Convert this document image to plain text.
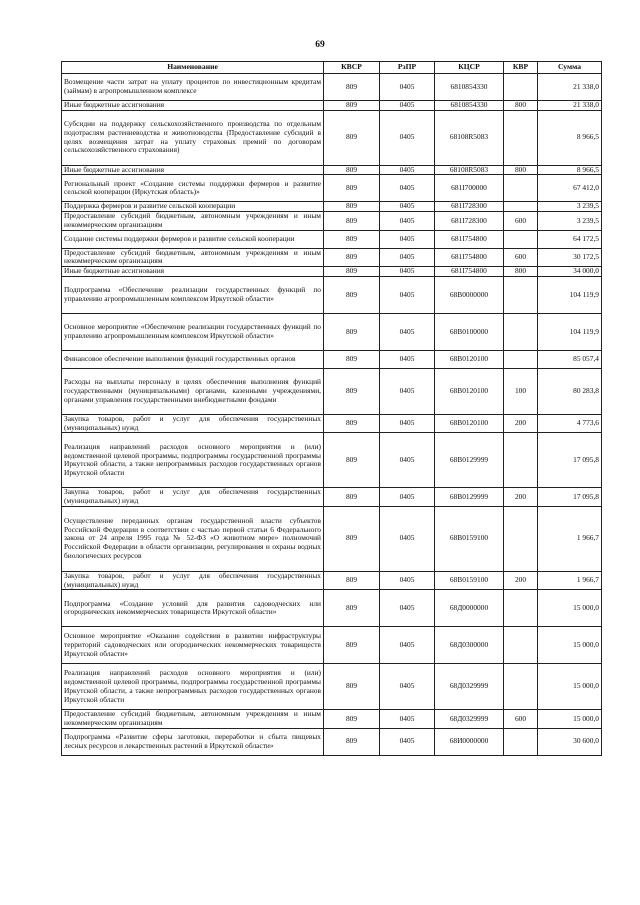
69
Наименование	КВСР	РзПР	КЦСР	КВР	Сумма
Возмещение части затрат на уплату процентов по инвестиционным кредитам (займам) в агропромышленном комплексе	809	0405	6810854330		21 338,0
Иные бюджетные ассигнования	809	0405	6810854330	800	21 338,0
Субсидии на поддержку сельскохозяйственного производства по отдельным подотраслям растениеводства и животноводства (Предоставление субсидий в целях возмещения затрат на уплату страховых премий по договорам сельскохозяйственного страхования)	809	0405	68108R5083		8 966,5
Иные бюджетные ассигнования	809	0405	68108R5083	800	8 966,5
Региональный проект «Создание системы поддержки фермеров и развитие сельской кооперации (Иркутская область)»	809	0405	681I700000		67 412,0
Поддержка фермеров и развитие сельской кооперации	809	0405	681I728300		3 239,5
Предоставление субсидий бюджетным, автономным учреждениям и иным некоммерческим организациям	809	0405	681I728300	600	3 239,5
Создание системы поддержки фермеров и развитие сельской кооперации	809	0405	681I754800		64 172,5
Предоставление субсидий бюджетным, автономным учреждениям и иным некоммерческим организациям	809	0405	681I754800	600	30 172,5
Иные бюджетные ассигнования	809	0405	681I754800	800	34 000,0
Подпрограмма «Обеспечение реализации государственных функций по управлению агропромышленным комплексом Иркутской области»	809	0405	68В0000000		104 119,9
Основное мероприятие «Обеспечение реализации государственных функций по управлению агропромышленным комплексом Иркутской области»	809	0405	68В0100000		104 119,9
Финансовое обеспечение выполнения функций государственных органов	809	0405	68В0120100		85 057,4
Расходы на выплаты персоналу в целях обеспечения выполнения функций государственными (муниципальными) органами, казенными учреждениями, органами управления государственными внебюджетными фондами	809	0405	68В0120100	100	80 283,8
Закупка товаров, работ и услуг для обеспечения государственных (муниципальных) нужд	809	0405	68В0120100	200	4 773,6
Реализация направлений расходов основного мероприятия и (или) ведомственной целевой программы, подпрограммы государственной программы Иркутской области, а также непрограммных расходов государственных органов Иркутской области	809	0405	68В0129999		17 095,8
Закупка товаров, работ и услуг для обеспечения государственных (муниципальных) нужд	809	0405	68В0129999	200	17 095,8
Осуществление переданных органам государственной власти субъектов Российской Федерации в соответствии с частью первой статьи 6 Федерального закона от 24 апреля 1995 года № 52-ФЗ «О животном мире» полномочий Российской Федерации в области организации, регулирования и охраны водных биологических ресурсов	809	0405	68В0159100		1 966,7
Закупка товаров, работ и услуг для обеспечения государственных (муниципальных) нужд	809	0405	68В0159100	200	1 966,7
Подпрограмма «Создание условий для развития садоводческих или огороднических некоммерческих товариществ Иркутской области»	809	0405	68Д0000000		15 000,0
Основное мероприятие «Оказание содействия в развитии инфраструктуры территорий садоводческих или огороднических некоммерческих товариществ Иркутской области»	809	0405	68Д0300000		15 000,0
Реализация направлений расходов основного мероприятия и (или) ведомственной целевой программы, подпрограммы государственной программы Иркутской области, а также непрограммных расходов государственных органов Иркутской области	809	0405	68Д0329999		15 000,0
Предоставление субсидий бюджетным, автономным учреждениям и иным некоммерческим организациям	809	0405	68Д0329999	600	15 000,0
Подпрограмма «Развитие сферы заготовки, переработки и сбыта пищевых лесных ресурсов и лекарственных растений в Иркутской области»	809	0405	68И0000000		30 600,0
